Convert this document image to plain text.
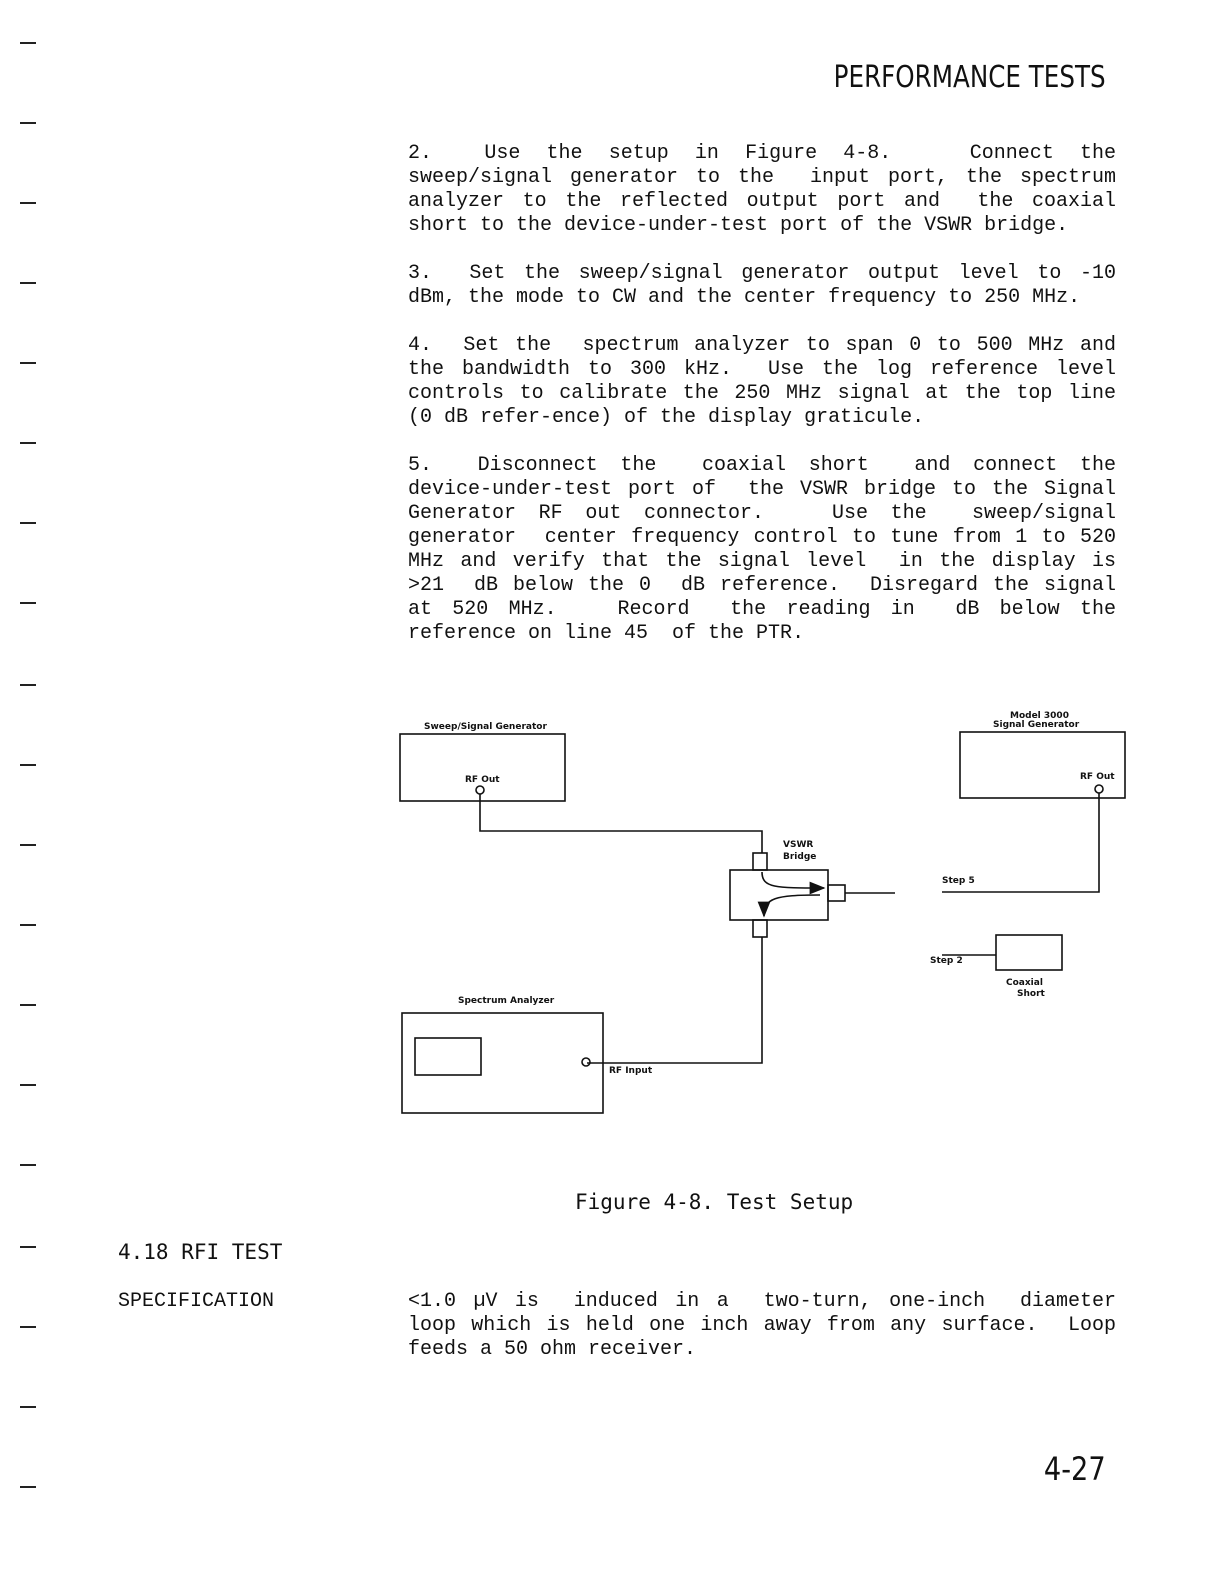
PERFORMANCE TESTS

2.  Use the setup in Figure 4-8.   Connect the sweep/signal generator to the  input port, the spectrum  analyzer to the reflected output port and  the coaxial short to the device-under-test port of the VSWR bridge.

3.  Set the sweep/signal generator output level to -10 dBm, the mode to CW and the center frequency to 250 MHz.

4.  Set the  spectrum analyzer to span 0 to 500 MHz and the bandwidth to 300 kHz.  Use the log reference level controls to calibrate the 250 MHz signal at the top line (0 dB refer-ence) of the display graticule.

5.  Disconnect the  coaxial short  and connect the  device-under-test port of  the VSWR bridge to the Signal Generator RF out connector.   Use the  sweep/signal generator  center frequency control to tune from 1 to 520 MHz and verify that the signal level  in the display is >21  dB below the 0  dB reference.  Disregard the signal  at 520 MHz.   Record  the reading in  dB below the  reference on line 45  of the PTR.

Sweep/Signal Generator
RF Out
Model 3000
Signal Generator
RF Out
VSWR
Bridge
Step 5
Step 2
Coaxial
Short
Spectrum Analyzer
RF Input
Figure 4-8. Test Setup
4.18 RFI TEST
SPECIFICATION	<1.0 µV is  induced in a  two-turn, one-inch  diameter loop which is held one inch away from any surface.  Loop feeds a 50 ohm receiver.

4-27
